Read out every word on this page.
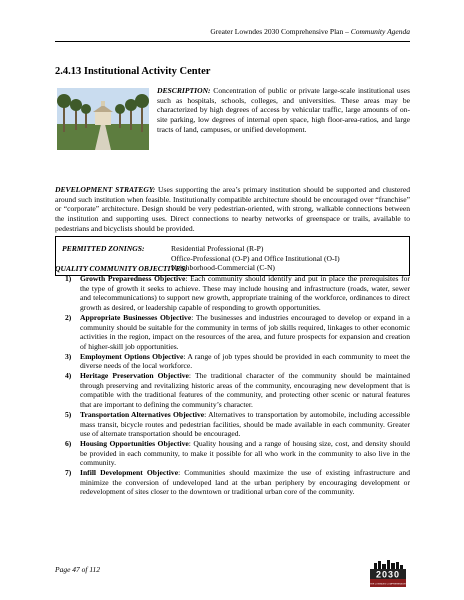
Greater Lowndes 2030 Comprehensive Plan – Community Agenda
2.4.13 Institutional Activity Center
DESCRIPTION: Concentration of public or private large-scale institutional uses such as hospitals, schools, colleges, and universities. These areas may be characterized by high degrees of access by vehicular traffic, large amounts of on-site parking, low degrees of internal open space, high floor-area-ratios, and large tracts of land, campuses, or unified development.
DEVELOPMENT STRATEGY: Uses supporting the area’s primary institution should be supported and clustered around such institution when feasible. Institutionally compatible architecture should be encouraged over “franchise” or “corporate” architecture. Design should be very pedestrian-oriented, with strong, walkable connections between the institution and supporting uses. Direct connections to nearby networks of greenspace or trails, available to pedestrians and bicyclists should be provided.
PERMITTED ZONINGS:	Residential Professional (R-P)
Office-Professional (O-P) and Office Institutional (O-I)
Neighborhood-Commercial (C-N)
QUALITY COMMUNITY OBJECTIVES:
1) Growth Preparedness Objective: Each community should identify and put in place the prerequisites for the type of growth it seeks to achieve. These may include housing and infrastructure (roads, water, sewer and telecommunications) to support new growth, appropriate training of the workforce, ordinances to direct growth as desired, or leadership capable of responding to growth opportunities.
2) Appropriate Businesses Objective: The businesses and industries encouraged to develop or expand in a community should be suitable for the community in terms of job skills required, linkages to other economic activities in the region, impact on the resources of the area, and future prospects for expansion and creation of higher-skill job opportunities.
3) Employment Options Objective: A range of job types should be provided in each community to meet the diverse needs of the local workforce.
4) Heritage Preservation Objective: The traditional character of the community should be maintained through preserving and revitalizing historic areas of the community, encouraging new development that is compatible with the traditional features of the community, and protecting other scenic or natural features that are important to defining the community’s character.
5) Transportation Alternatives Objective: Alternatives to transportation by automobile, including accessible mass transit, bicycle routes and pedestrian facilities, should be made available in each community. Greater use of alternate transportation should be encouraged.
6) Housing Opportunities Objective: Quality housing and a range of housing size, cost, and density should be provided in each community, to make it possible for all who work in the community to also live in the community.
7) Infill Development Objective: Communities should maximize the use of existing infrastructure and minimize the conversion of undeveloped land at the urban periphery by encouraging development or redevelopment of sites closer to the downtown or traditional urban core of the community.
Page 47 of 112	2030
GREATER LOWNDES COMPREHENSIVE PLAN
